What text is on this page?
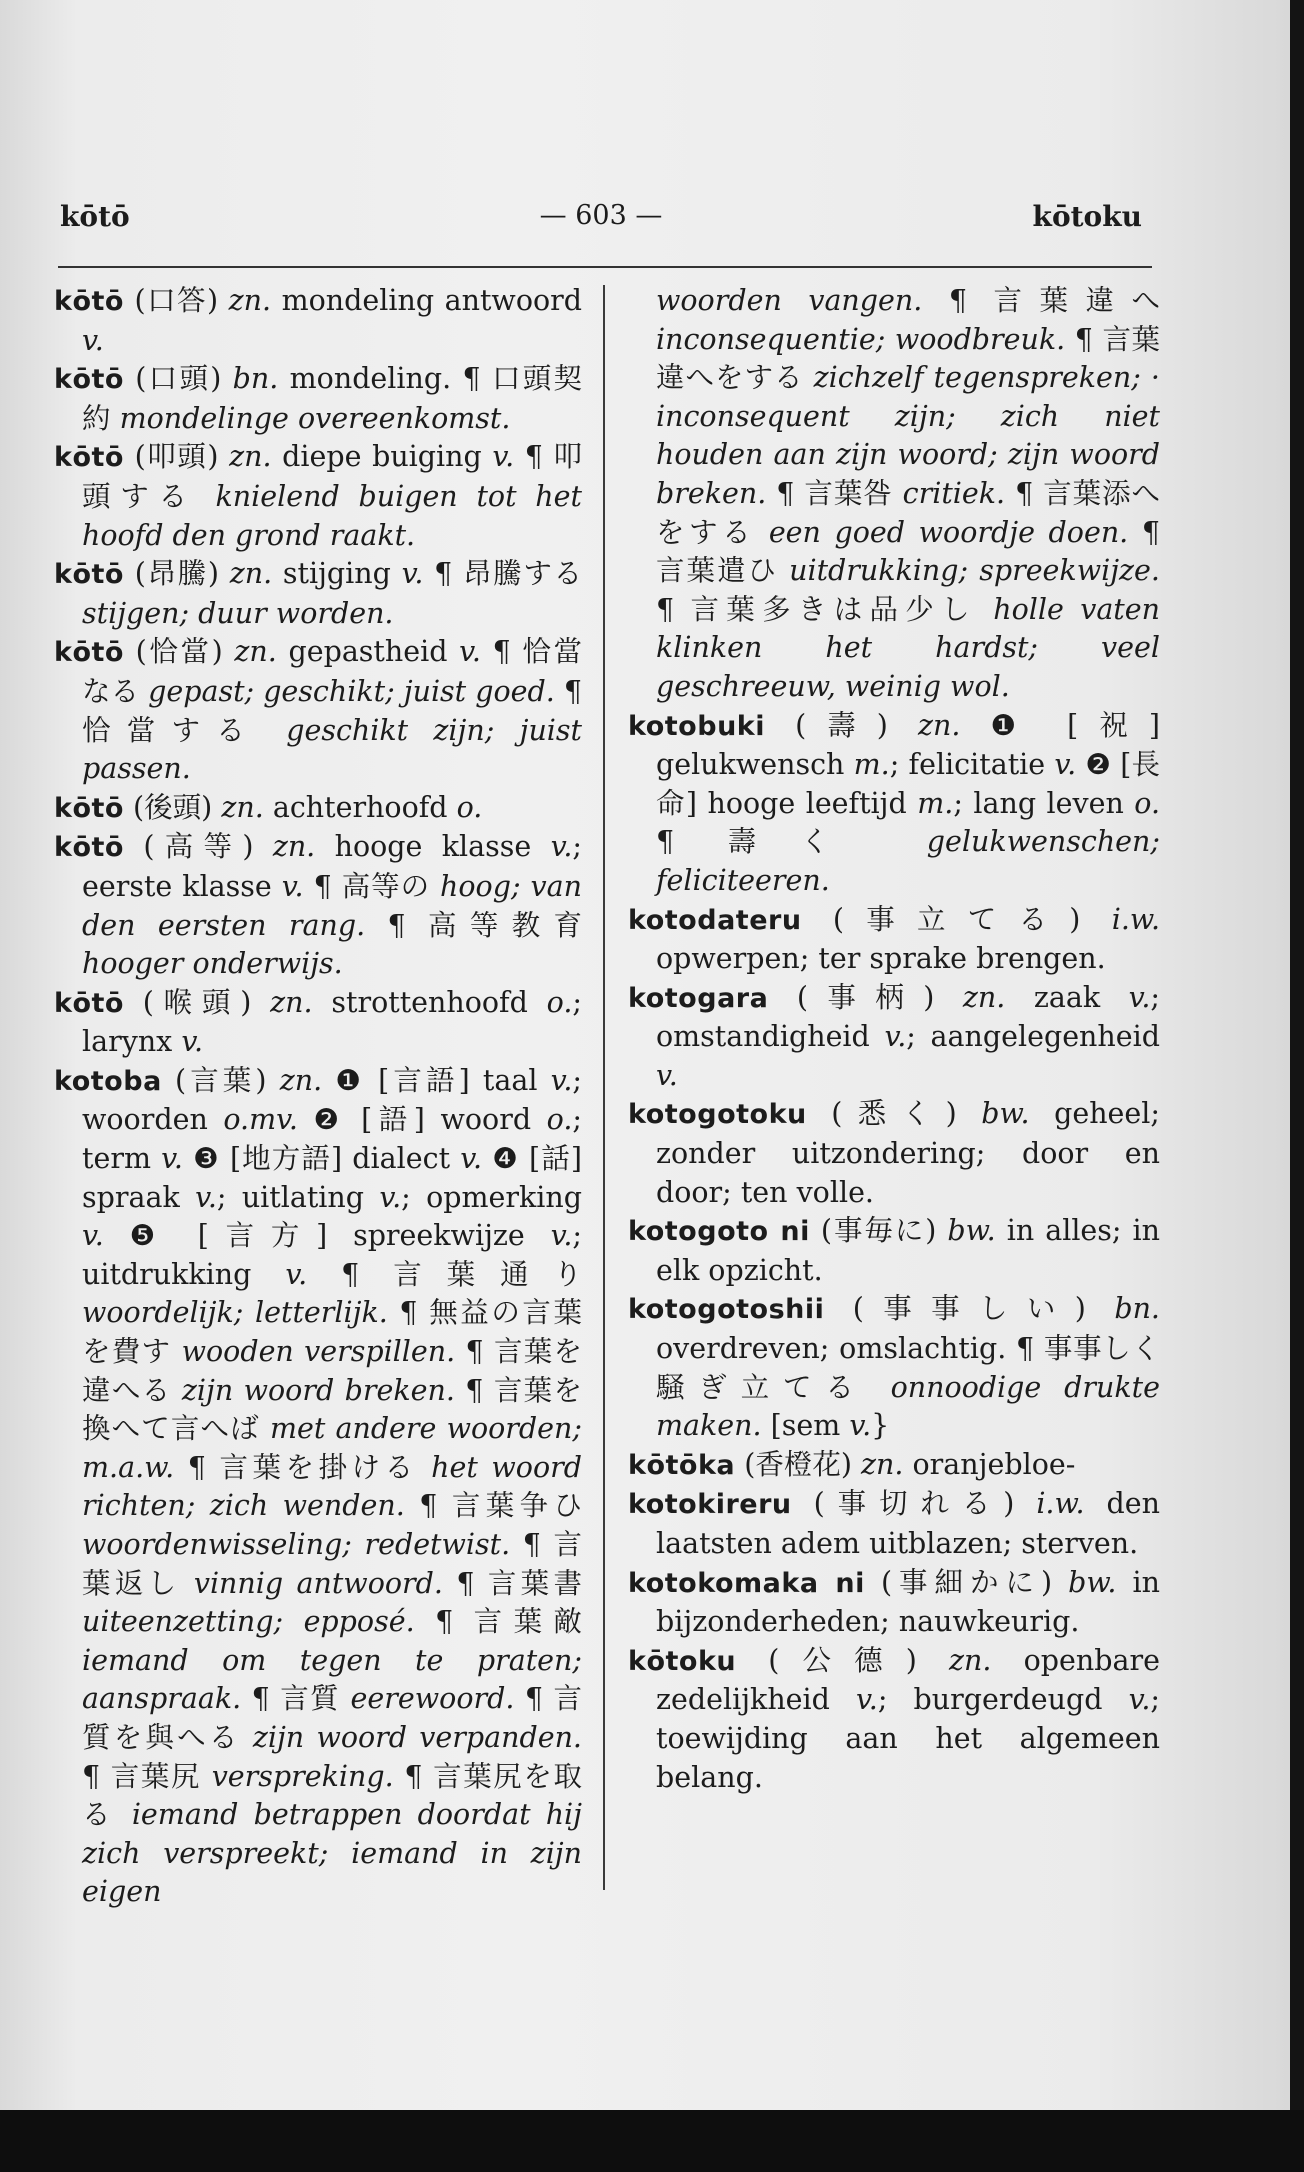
kōtō	— 603 —	kōtoku

kōtō (口答) zn. mondeling antwoord v.

kōtō (口頭) bn. mondeling. ¶ 口頭契約 mondelinge overeenkomst.

kōtō (叩頭) zn. diepe buiging v. ¶ 叩頭する knielend buigen tot het hoofd den grond raakt.

kōtō (昂騰) zn. stijging v. ¶ 昂騰する stijgen; duur worden.

kōtō (恰當) zn. gepastheid v. ¶ 恰當なる gepast; geschikt; juist goed. ¶ 恰當する geschikt zijn; juist passen.

kōtō (後頭) zn. achterhoofd o.

kōtō (高等) zn. hooge klasse v.; eerste klasse v. ¶ 高等の hoog; van den eersten rang. ¶ 高等教育 hooger onderwijs.

kōtō (喉頭) zn. strottenhoofd o.; larynx v.

kotoba (言葉) zn. ❶ [言語] taal v.; woorden o.mv. ❷ [語] woord o.; term v. ❸ [地方語] dialect v. ❹ [話] spraak v.; uitlating v.; opmerking v. ❺ [言方] spreekwijze v.; uitdrukking v. ¶ 言葉通り woordelijk; letterlijk. ¶ 無益の言葉を費す wooden verspillen. ¶ 言葉を違へる zijn woord breken. ¶ 言葉を換へて言へば met andere woorden; m.a.w. ¶ 言葉を掛ける het woord richten; zich wenden. ¶ 言葉争ひ woordenwisseling; redetwist. ¶ 言葉返し vinnig antwoord. ¶ 言葉書 uiteenzetting; epposé. ¶ 言葉敵 iemand om tegen te praten; aanspraak. ¶ 言質 eerewoord. ¶ 言質を與へる zijn woord verpanden. ¶ 言葉尻 verspreking. ¶ 言葉尻を取る iemand betrappen doordat hij zich verspreekt; iemand in zijn eigen

woorden vangen. ¶ 言葉違へ inconsequentie; woodbreuk. ¶ 言葉違へをする zichzelf tegenspreken; · inconsequent zijn; zich niet houden aan zijn woord; zijn woord breken. ¶ 言葉咎 critiek. ¶ 言葉添へをする een goed woordje doen. ¶ 言葉遣ひ uitdrukking; spreekwijze. ¶ 言葉多きは品少し holle vaten klinken het hardst; veel geschreeuw, weinig wol.

kotobuki (壽) zn. ❶ [祝] gelukwensch m.; felicitatie v. ❷ [長命] hooge leeftijd m.; lang leven o. ¶ 壽く gelukwenschen; feliciteeren.

kotodateru (事立てる) i.w. opwerpen; ter sprake brengen.

kotogara (事柄) zn. zaak v.; omstandigheid v.; aangelegenheid v.

kotogotoku (悉く) bw. geheel; zonder uitzondering; door en door; ten volle.

kotogoto ni (事毎に) bw. in alles; in elk opzicht.

kotogotoshii (事事しい) bn. overdreven; omslachtig. ¶ 事事しく騒ぎ立てる onnoodige drukte maken. [sem v.}

kōtōka (香橙花) zn. oranjebloe-

kotokireru (事切れる) i.w. den laatsten adem uitblazen; sterven.

kotokomaka ni (事細かに) bw. in bijzonderheden; nauwkeurig.

kōtoku (公德) zn. openbare zedelijkheid v.; burgerdeugd v.; toewijding aan het algemeen belang.
